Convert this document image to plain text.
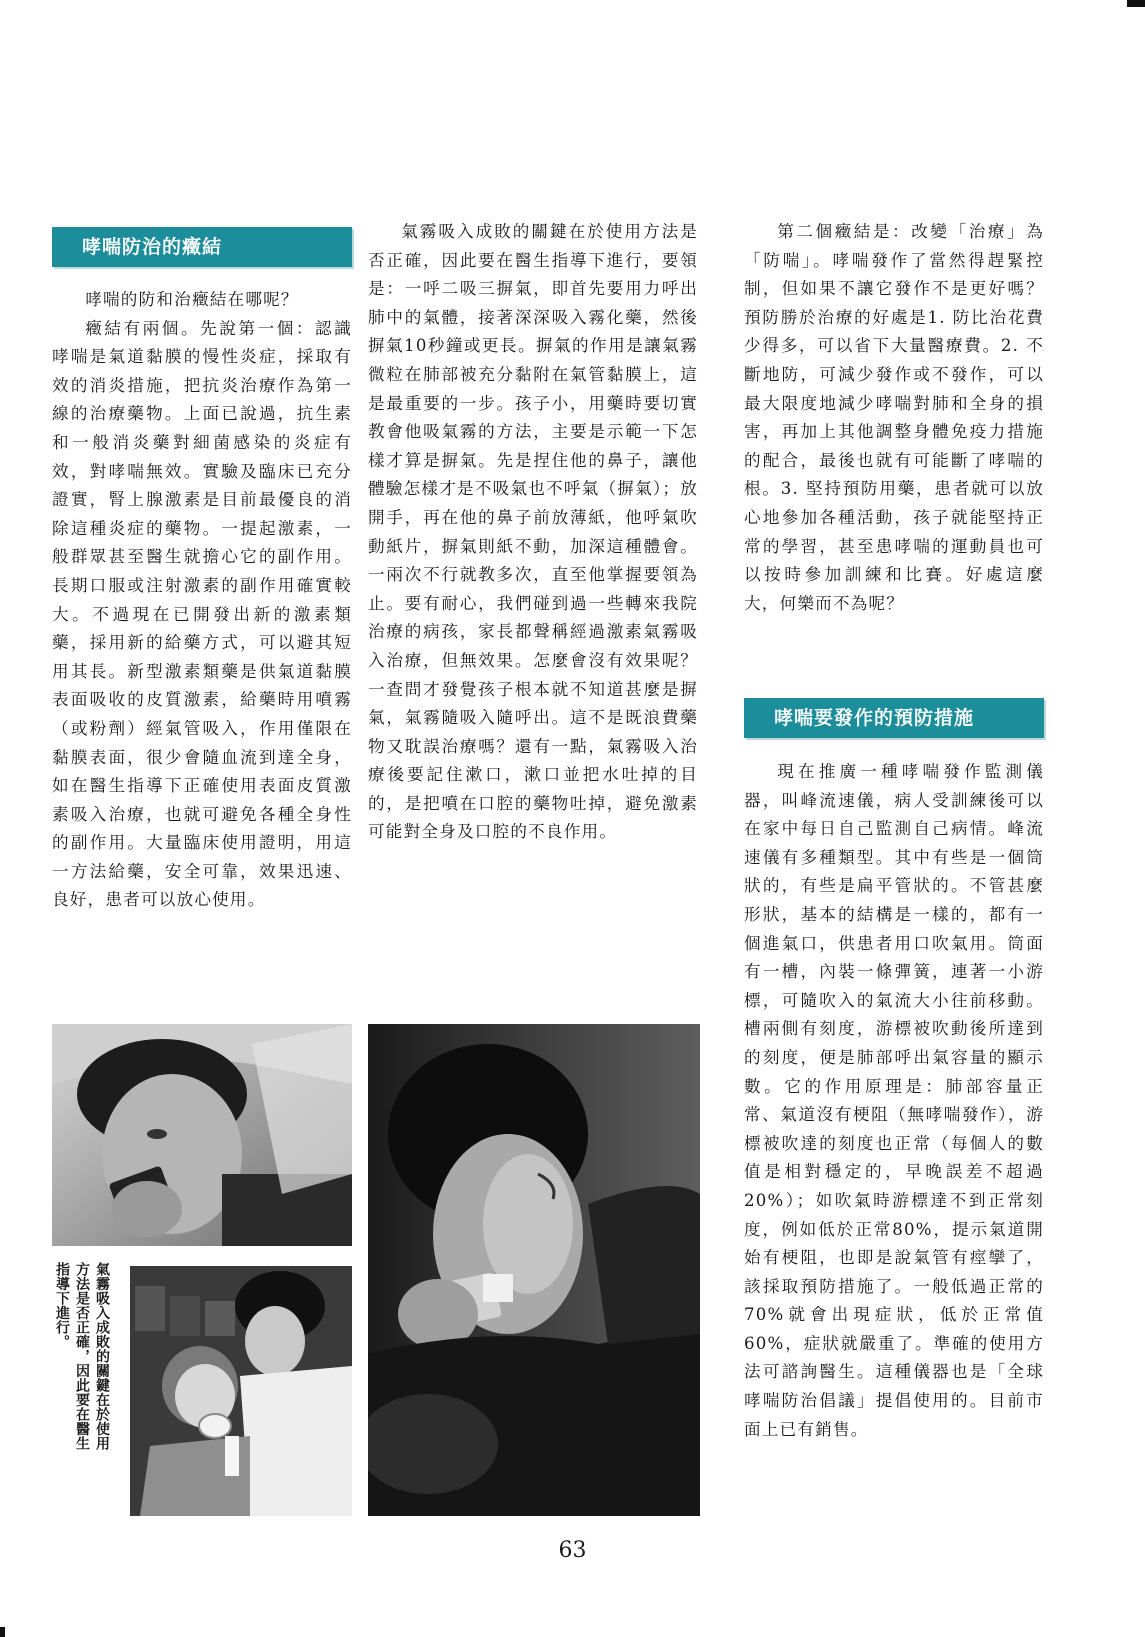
哮喘防治的癥結

哮喘的防和治癥結在哪呢？

癥結有兩個。先說第一個：認識哮喘是氣道黏膜的慢性炎症，採取有效的消炎措施，把抗炎治療作為第一線的治療藥物。上面已說過，抗生素和一般消炎藥對細菌感染的炎症有效，對哮喘無效。實驗及臨床已充分證實，腎上腺激素是目前最優良的消除這種炎症的藥物。一提起激素，一般群眾甚至醫生就擔心它的副作用。長期口服或注射激素的副作用確實較大。不過現在已開發出新的激素類藥，採用新的給藥方式，可以避其短用其長。新型激素類藥是供氣道黏膜表面吸收的皮質激素，給藥時用噴霧（或粉劑）經氣管吸入，作用僅限在黏膜表面，很少會隨血流到達全身，如在醫生指導下正確使用表面皮質激素吸入治療，也就可避免各種全身性的副作用。大量臨床使用證明，用這一方法給藥，安全可靠，效果迅速、良好，患者可以放心使用。

氣霧吸入成敗的關鍵在於使用方法是否正確，因此要在醫生指導下進行，要領是：一呼二吸三摒氣，即首先要用力呼出肺中的氣體，接著深深吸入霧化藥，然後摒氣10秒鐘或更長。摒氣的作用是讓氣霧微粒在肺部被充分黏附在氣管黏膜上，這是最重要的一步。孩子小，用藥時要切實教會他吸氣霧的方法，主要是示範一下怎樣才算是摒氣。先是捏住他的鼻子，讓他體驗怎樣才是不吸氣也不呼氣（摒氣）；放開手，再在他的鼻子前放薄紙，他呼氣吹動紙片，摒氣則紙不動，加深這種體會。一兩次不行就教多次，直至他掌握要領為止。要有耐心，我們碰到過一些轉來我院治療的病孩，家長都聲稱經過激素氣霧吸入治療，但無效果。怎麼會沒有效果呢？一查問才發覺孩子根本就不知道甚麼是摒氣，氣霧隨吸入隨呼出。這不是既浪費藥物又耽誤治療嗎？還有一點，氣霧吸入治療後要記住漱口，漱口並把水吐掉的目的，是把噴在口腔的藥物吐掉，避免激素可能對全身及口腔的不良作用。

第二個癥結是：改變「治療」為「防喘」。哮喘發作了當然得趕緊控制，但如果不讓它發作不是更好嗎？預防勝於治療的好處是1. 防比治花費少得多，可以省下大量醫療費。2. 不斷地防，可減少發作或不發作，可以最大限度地減少哮喘對肺和全身的損害，再加上其他調整身體免疫力措施的配合，最後也就有可能斷了哮喘的根。3. 堅持預防用藥，患者就可以放心地參加各種活動，孩子就能堅持正常的學習，甚至患哮喘的運動員也可以按時參加訓練和比賽。好處這麼大，何樂而不為呢？

哮喘要發作的預防措施

現在推廣一種哮喘發作監測儀器，叫峰流速儀，病人受訓練後可以在家中每日自己監測自己病情。峰流速儀有多種類型。其中有些是一個筒狀的，有些是扁平管狀的。不管甚麼形狀，基本的結構是一樣的，都有一個進氣口，供患者用口吹氣用。筒面有一槽，內裝一條彈簧，連著一小游標，可隨吹入的氣流大小往前移動。槽兩側有刻度，游標被吹動後所達到的刻度，便是肺部呼出氣容量的顯示數。它的作用原理是：肺部容量正常、氣道沒有梗阻（無哮喘發作），游標被吹達的刻度也正常（每個人的數值是相對穩定的，早晚誤差不超過20%）；如吹氣時游標達不到正常刻度，例如低於正常80%，提示氣道開始有梗阻，也即是說氣管有痙攣了，該採取預防措施了。一般低過正常的70%就會出現症狀，低於正常值60%，症狀就嚴重了。準確的使用方法可諮詢醫生。這種儀器也是「全球哮喘防治倡議」提倡使用的。目前市面上已有銷售。

氣霧吸入成敗的關鍵在於使用方法是否正確，因此要在醫生指導下進行。
63
